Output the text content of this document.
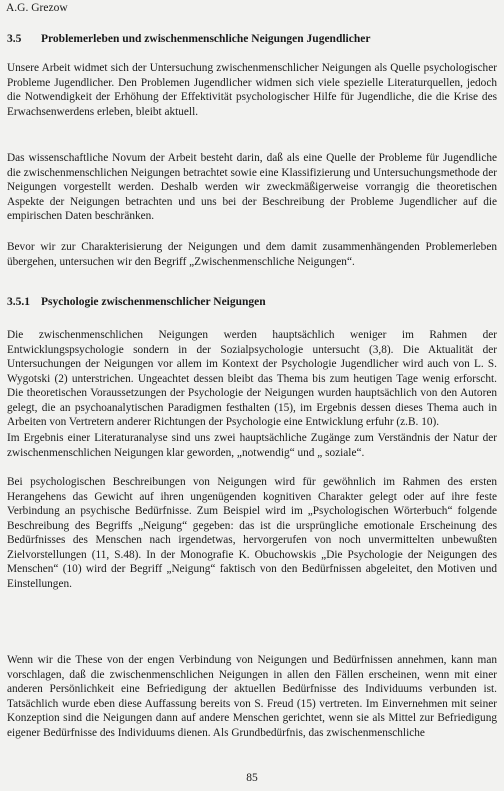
A.G. Grezow
3.5 Problemerleben und zwischenmenschliche Neigungen Jugendlicher

Unsere Arbeit widmet sich der Untersuchung zwischenmenschlicher Neigungen als Quelle psychologischer Probleme Jugendlicher. Den Problemen Jugendlicher widmen sich viele spezielle Literaturquellen, jedoch die Notwendigkeit der Erhöhung der Effektivität psychologischer Hilfe für Jugendliche, die die Krise des Erwachsenwerdens erleben, bleibt aktuell.

Das wissenschaftliche Novum der Arbeit besteht darin, daß als eine Quelle der Probleme für Jugendliche die zwischenmenschlichen Neigungen betrachtet sowie eine Klassifizierung und Untersuchungsmethode der Neigungen vorgestellt werden. Deshalb werden wir zweckmäßigerweise vorrangig die theoretischen Aspekte der Neigungen betrachten und uns bei der Beschreibung der Probleme Jugendlicher auf die empirischen Daten beschränken.

Bevor wir zur Charakterisierung der Neigungen und dem damit zusammenhängenden Problemerleben übergehen, untersuchen wir den Begriff „Zwischenmenschliche Neigungen“.

3.5.1 Psychologie zwischenmenschlicher Neigungen

Die zwischenmenschlichen Neigungen werden hauptsächlich weniger im Rahmen der Entwicklungspsychologie sondern in der Sozialpsychologie untersucht (3,8). Die Aktualität der Untersuchungen der Neigungen vor allem im Kontext der Psychologie Jugendlicher wird auch von L. S. Wygotski (2) unterstrichen. Ungeachtet dessen bleibt das Thema bis zum heutigen Tage wenig erforscht. Die theoretischen Voraussetzungen der Psychologie der Neigungen wurden hauptsächlich von den Autoren gelegt, die an psychoanalytischen Paradigmen festhalten (15), im Ergebnis dessen dieses Thema auch in Arbeiten von Vertretern anderer Richtungen der Psychologie eine Entwicklung erfuhr (z.B. 10).

Im Ergebnis einer Literaturanalyse sind uns zwei hauptsächliche Zugänge zum Verständnis der Natur der zwischenmenschlichen Neigungen klar geworden, „notwendig“ und „ soziale“.

Bei psychologischen Beschreibungen von Neigungen wird für gewöhnlich im Rahmen des ersten Herangehens das Gewicht auf ihren ungenügenden kognitiven Charakter gelegt oder auf ihre feste Verbindung an psychische Bedürfnisse. Zum Beispiel wird im „Psychologischen Wörterbuch“ folgende Beschreibung des Begriffs „Neigung“ gegeben: das ist die ursprüngliche emotionale Erscheinung des Bedürfnisses des Menschen nach irgendetwas, hervorgerufen von noch unvermittelten unbewußten Zielvorstellungen (11, S.48). In der Monografie K. Obuchowskis „Die Psychologie der Neigungen des Menschen“ (10) wird der Begriff „Neigung“ faktisch von den Bedürfnissen abgeleitet, den Motiven und Einstellungen.

Wenn wir die These von der engen Verbindung von Neigungen und Bedürfnissen annehmen, kann man vorschlagen, daß die zwischenmenschlichen Neigungen in allen den Fällen erscheinen, wenn mit einer anderen Persönlichkeit eine Befriedigung der aktuellen Bedürfnisse des Individuums verbunden ist. Tatsächlich wurde eben diese Auffassung bereits von S. Freud (15) vertreten. Im Einvernehmen mit seiner Konzeption sind die Neigungen dann auf andere Menschen gerichtet, wenn sie als Mittel zur Befriedigung eigener Bedürfnisse des Individuums dienen. Als Grundbedürfnis, das zwischenmenschliche

85
